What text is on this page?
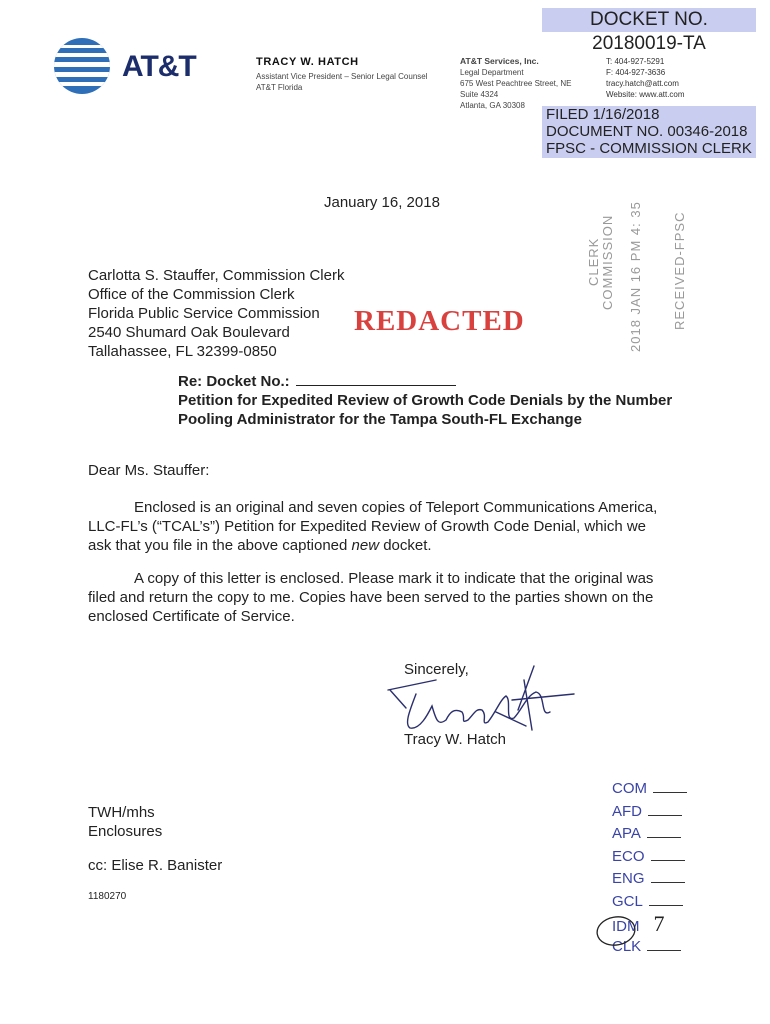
DOCKET NO. 20180019-TA
AT&T	TRACY W. HATCH
Assistant Vice President – Senior Legal Counsel
AT&T Florida
AT&T Services, Inc.
Legal Department
675 West Peachtree Street, NE
Suite 4324
Atlanta, GA 30308
T: 404-927-5291
F: 404-927-3636
tracy.hatch@att.com
Website: www.att.com
FILED 1/16/2018
DOCUMENT NO. 00346-2018
FPSC - COMMISSION CLERK
RECEIVED-FPSC
2018 JAN 16 PM 4: 35
COMMISSION
CLERK
January 16, 2018
Carlotta S. Stauffer, Commission Clerk
Office of the Commission Clerk
Florida Public Service Commission
2540 Shumard Oak Boulevard
Tallahassee, FL 32399-0850
REDACTED
Re: Docket No.:
Petition for Expedited Review of Growth Code Denials by the Number
Pooling Administrator for the Tampa South-FL Exchange
Dear Ms. Stauffer:
Enclosed is an original and seven copies of Teleport Communications America,
LLC-FL’s (“TCAL’s”) Petition for Expedited Review of Growth Code Denial, which we
ask that you file in the above captioned new docket.
A copy of this letter is enclosed. Please mark it to indicate that the original was
filed and return the copy to me. Copies have been served to the parties shown on the
enclosed Certificate of Service.
Sincerely,
Tracy W. Hatch
TWH/mhs
Enclosures
cc: Elise R. Banister
1180270
COM
AFD
APA
ECO
ENG
GCL
IDM 7
CLK
